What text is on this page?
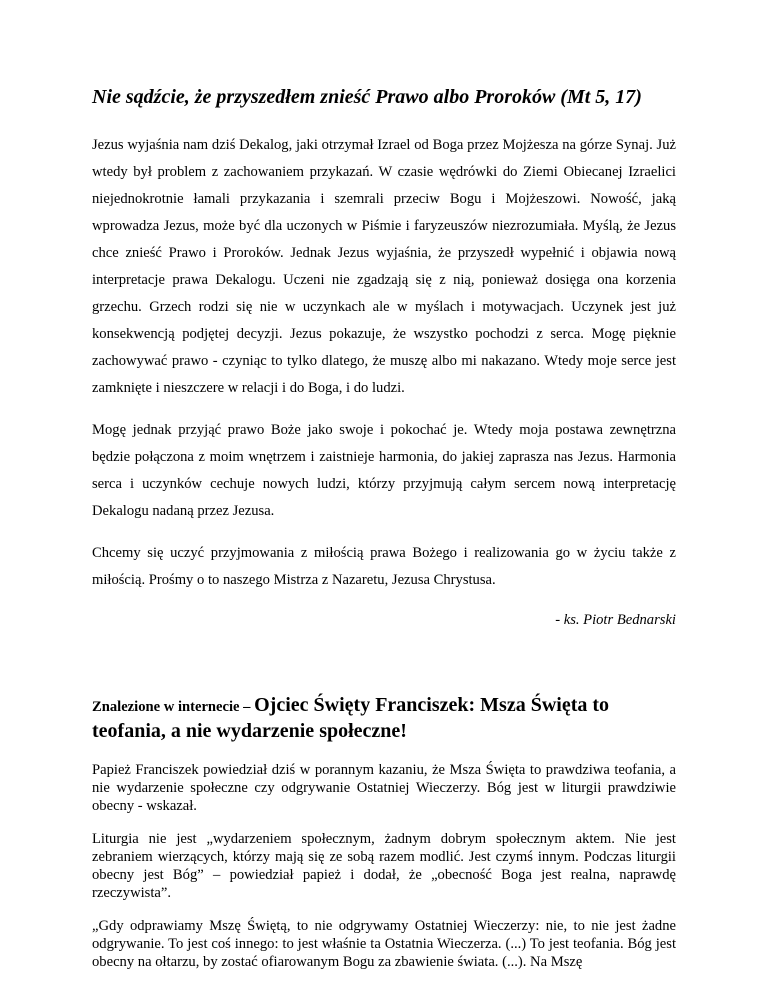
Nie sądźcie, że przyszedłem znieść Prawo albo Proroków (Mt 5, 17)

Jezus wyjaśnia nam dziś Dekalog, jaki otrzymał Izrael od Boga przez Mojżesza na górze Synaj. Już wtedy był problem z zachowaniem przykazań. W czasie wędrówki do Ziemi Obiecanej Izraelici niejednokrotnie łamali przykazania i szemrali przeciw Bogu i Mojżeszowi. Nowość, jaką wprowadza Jezus, może być dla uczonych w Piśmie i faryzeuszów niezrozumiała. Myślą, że Jezus chce znieść Prawo i Proroków. Jednak Jezus wyjaśnia, że przyszedł wypełnić i objawia nową interpretacje prawa Dekalogu. Uczeni nie zgadzają się z nią, ponieważ dosięga ona korzenia grzechu. Grzech rodzi się nie w uczynkach ale w myślach i motywacjach. Uczynek jest już konsekwencją podjętej decyzji. Jezus pokazuje, że wszystko pochodzi z serca. Mogę pięknie zachowywać prawo - czyniąc to tylko dlatego, że muszę albo mi nakazano. Wtedy moje serce jest zamknięte i nieszczere w relacji i do Boga, i do ludzi.

Mogę jednak przyjąć prawo Boże jako swoje i pokochać je. Wtedy moja postawa zewnętrzna będzie połączona z moim wnętrzem i zaistnieje harmonia, do jakiej zaprasza nas Jezus. Harmonia serca i uczynków cechuje nowych ludzi, którzy przyjmują całym sercem nową interpretację Dekalogu nadaną przez Jezusa.

Chcemy się uczyć przyjmowania z miłością prawa Bożego i realizowania go w życiu także z miłością. Prośmy o to naszego Mistrza z Nazaretu, Jezusa Chrystusa.

- ks. Piotr Bednarski

Znalezione w internecie – Ojciec Święty Franciszek: Msza Święta to teofania, a nie wydarzenie społeczne!

Papież Franciszek powiedział dziś w porannym kazaniu, że Msza Święta to prawdziwa teofania, a nie wydarzenie społeczne czy odgrywanie Ostatniej Wieczerzy. Bóg jest w liturgii prawdziwie obecny - wskazał.

Liturgia nie jest „wydarzeniem społecznym, żadnym dobrym społecznym aktem. Nie jest zebraniem wierzących, którzy mają się ze sobą razem modlić. Jest czymś innym. Podczas liturgii obecny jest Bóg” – powiedział papież i dodał, że „obecność Boga jest realna, naprawdę rzeczywista”.

„Gdy odprawiamy Mszę Świętą, to nie odgrywamy Ostatniej Wieczerzy: nie, to nie jest żadne odgrywanie. To jest coś innego: to jest właśnie ta Ostatnia Wieczerza. (...) To jest teofania. Bóg jest obecny na ołtarzu, by zostać ofiarowanym Bogu za zbawienie świata. (...). Na Mszę
